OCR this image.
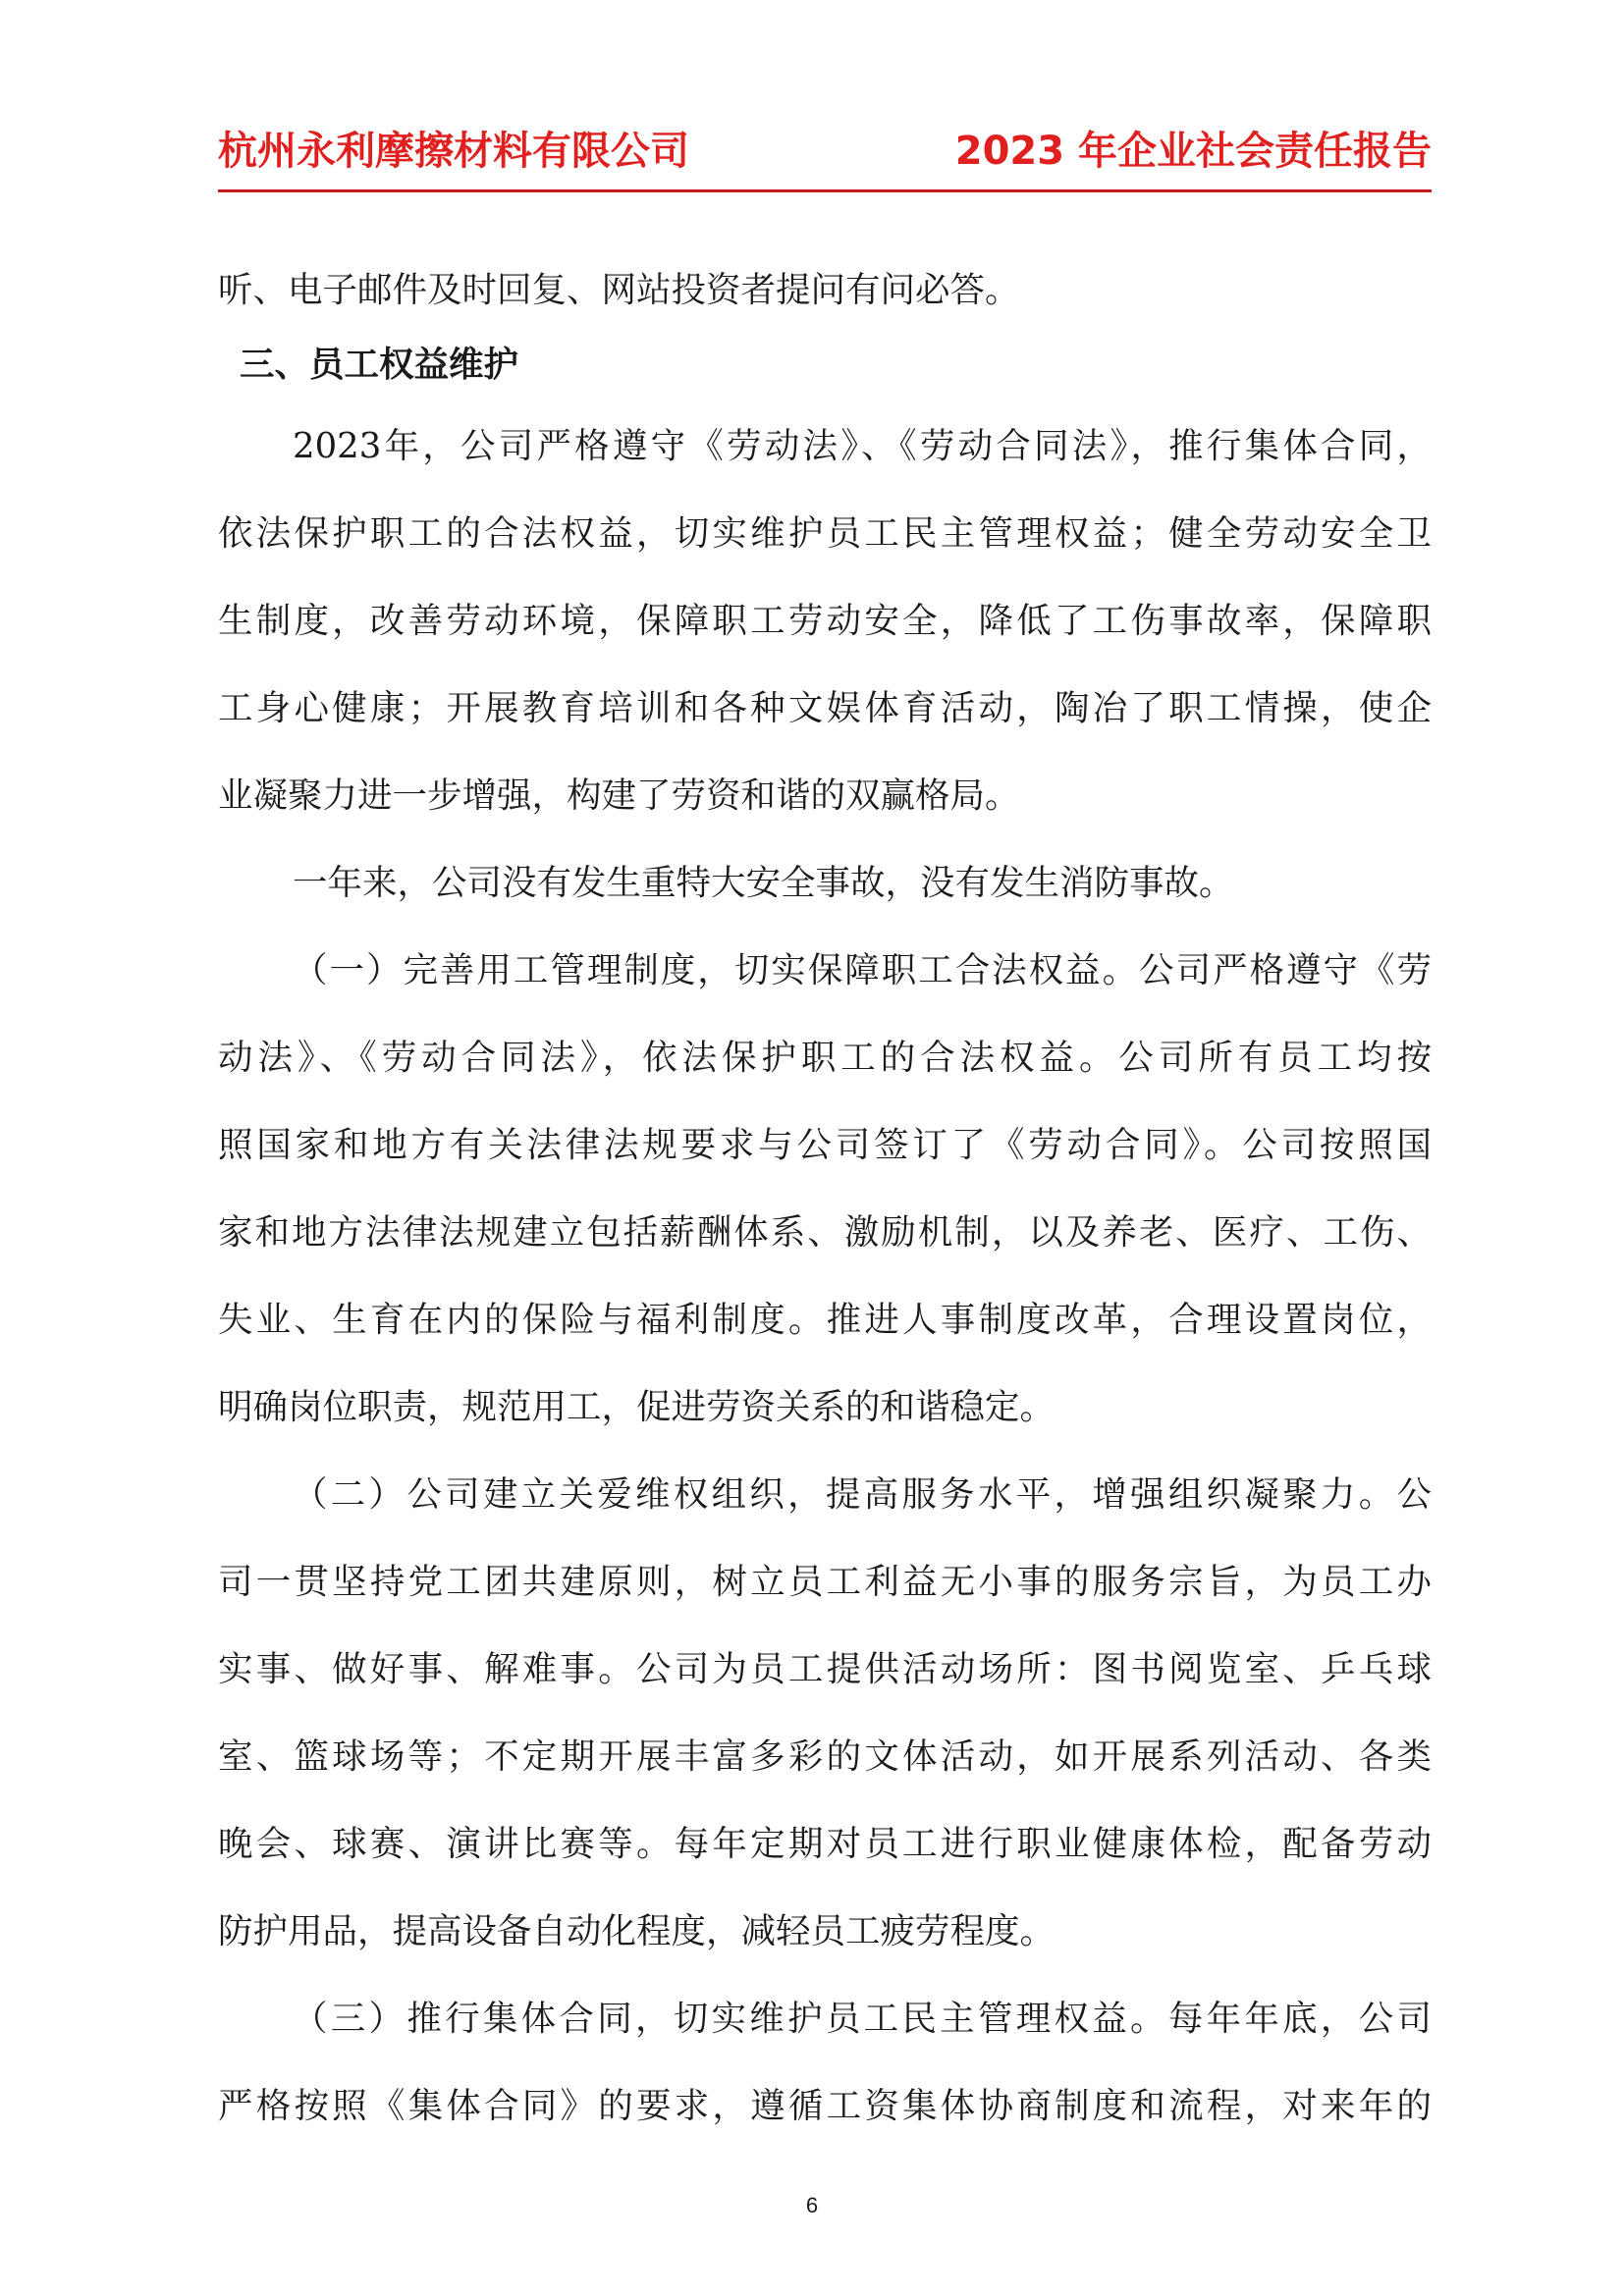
杭州永利摩擦材料有限公司	2023 年企业社会责任报告
听、电子邮件及时回复、网站投资者提问有问必答。
三、员工权益维护
2023年，公司严格遵守《劳动法》、《劳动合同法》，推行集体合同，
依法保护职工的合法权益，切实维护员工民主管理权益；健全劳动安全卫
生制度，改善劳动环境，保障职工劳动安全，降低了工伤事故率，保障职
工身心健康；开展教育培训和各种文娱体育活动，陶冶了职工情操，使企
业凝聚力进一步增强，构建了劳资和谐的双赢格局。
一年来，公司没有发生重特大安全事故，没有发生消防事故。
（一）完善用工管理制度，切实保障职工合法权益。公司严格遵守《劳
动法》、《劳动合同法》，依法保护职工的合法权益。公司所有员工均按
照国家和地方有关法律法规要求与公司签订了《劳动合同》。公司按照国
家和地方法律法规建立包括薪酬体系、激励机制，以及养老、医疗、工伤、
失业、生育在内的保险与福利制度。推进人事制度改革，合理设置岗位，
明确岗位职责，规范用工，促进劳资关系的和谐稳定。
（二）公司建立关爱维权组织，提高服务水平，增强组织凝聚力。公
司一贯坚持党工团共建原则，树立员工利益无小事的服务宗旨，为员工办
实事、做好事、解难事。公司为员工提供活动场所：图书阅览室、乒乓球
室、篮球场等；不定期开展丰富多彩的文体活动，如开展系列活动、各类
晚会、球赛、演讲比赛等。每年定期对员工进行职业健康体检，配备劳动
防护用品，提高设备自动化程度，减轻员工疲劳程度。
（三）推行集体合同，切实维护员工民主管理权益。每年年底，公司
严格按照《集体合同》的要求，遵循工资集体协商制度和流程，对来年的
6
